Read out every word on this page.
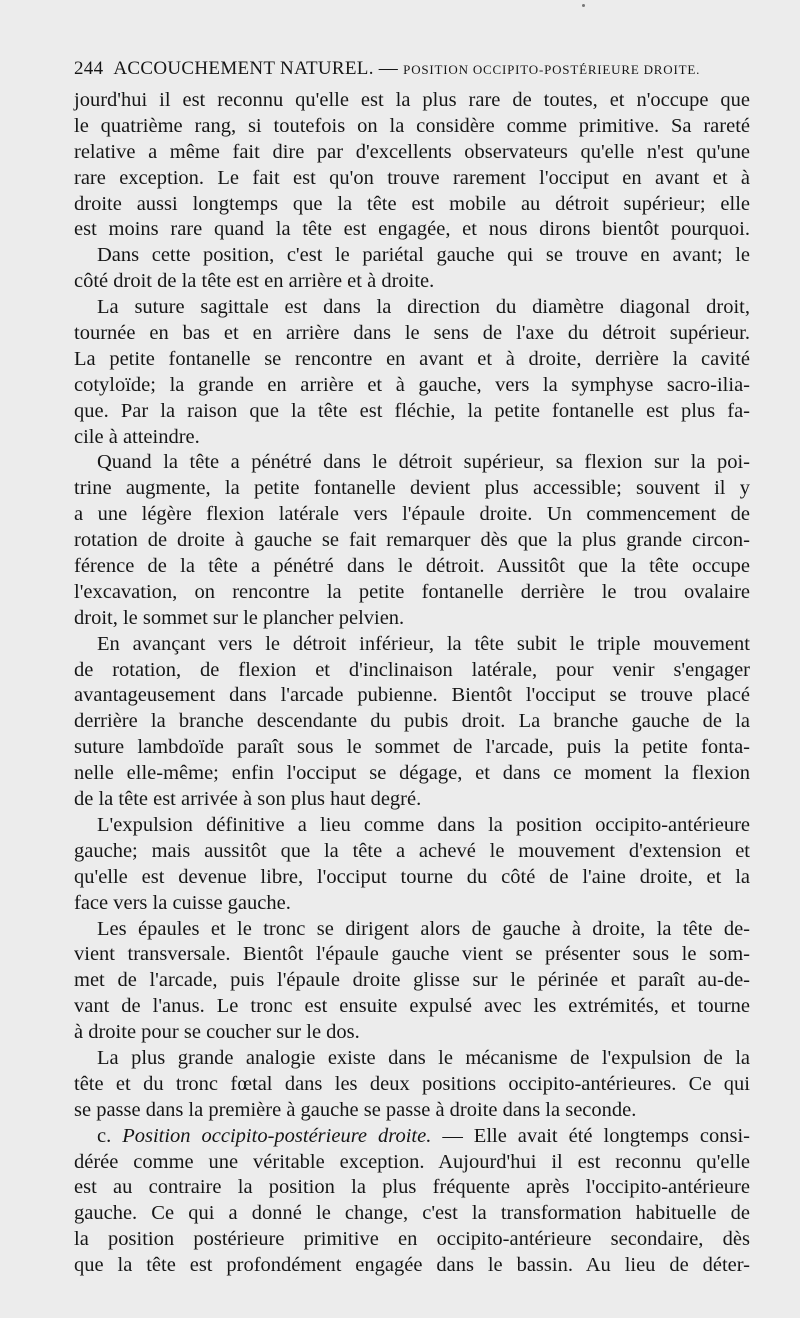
244 ACCOUCHEMENT NATUREL. — POSITION OCCIPITO-POSTÉRIEURE DROITE.
jourd'hui il est reconnu qu'elle est la plus rare de toutes, et n'occupe que
le quatrième rang, si toutefois on la considère comme primitive. Sa rareté
relative a même fait dire par d'excellents observateurs qu'elle n'est qu'une
rare exception. Le fait est qu'on trouve rarement l'occiput en avant et à
droite aussi longtemps que la tête est mobile au détroit supérieur; elle
est moins rare quand la tête est engagée, et nous dirons bientôt pourquoi.
Dans cette position, c'est le pariétal gauche qui se trouve en avant; le
côté droit de la tête est en arrière et à droite.
La suture sagittale est dans la direction du diamètre diagonal droit,
tournée en bas et en arrière dans le sens de l'axe du détroit supérieur.
La petite fontanelle se rencontre en avant et à droite, derrière la cavité
cotyloïde; la grande en arrière et à gauche, vers la symphyse sacro-ilia-
que. Par la raison que la tête est fléchie, la petite fontanelle est plus fa-
cile à atteindre.
Quand la tête a pénétré dans le détroit supérieur, sa flexion sur la poi-
trine augmente, la petite fontanelle devient plus accessible; souvent il y
a une légère flexion latérale vers l'épaule droite. Un commencement de
rotation de droite à gauche se fait remarquer dès que la plus grande circon-
férence de la tête a pénétré dans le détroit. Aussitôt que la tête occupe
l'excavation, on rencontre la petite fontanelle derrière le trou ovalaire
droit, le sommet sur le plancher pelvien.
En avançant vers le détroit inférieur, la tête subit le triple mouvement
de rotation, de flexion et d'inclinaison latérale, pour venir s'engager
avantageusement dans l'arcade pubienne. Bientôt l'occiput se trouve placé
derrière la branche descendante du pubis droit. La branche gauche de la
suture lambdoïde paraît sous le sommet de l'arcade, puis la petite fonta-
nelle elle-même; enfin l'occiput se dégage, et dans ce moment la flexion
de la tête est arrivée à son plus haut degré.
L'expulsion définitive a lieu comme dans la position occipito-antérieure
gauche; mais aussitôt que la tête a achevé le mouvement d'extension et
qu'elle est devenue libre, l'occiput tourne du côté de l'aine droite, et la
face vers la cuisse gauche.
Les épaules et le tronc se dirigent alors de gauche à droite, la tête de-
vient transversale. Bientôt l'épaule gauche vient se présenter sous le som-
met de l'arcade, puis l'épaule droite glisse sur le périnée et paraît au-de-
vant de l'anus. Le tronc est ensuite expulsé avec les extrémités, et tourne
à droite pour se coucher sur le dos.
La plus grande analogie existe dans le mécanisme de l'expulsion de la
tête et du tronc fœtal dans les deux positions occipito-antérieures. Ce qui
se passe dans la première à gauche se passe à droite dans la seconde.
c. Position occipito-postérieure droite. — Elle avait été longtemps consi-
dérée comme une véritable exception. Aujourd'hui il est reconnu qu'elle
est au contraire la position la plus fréquente après l'occipito-antérieure
gauche. Ce qui a donné le change, c'est la transformation habituelle de
la position postérieure primitive en occipito-antérieure secondaire, dès
que la tête est profondément engagée dans le bassin. Au lieu de déter-
